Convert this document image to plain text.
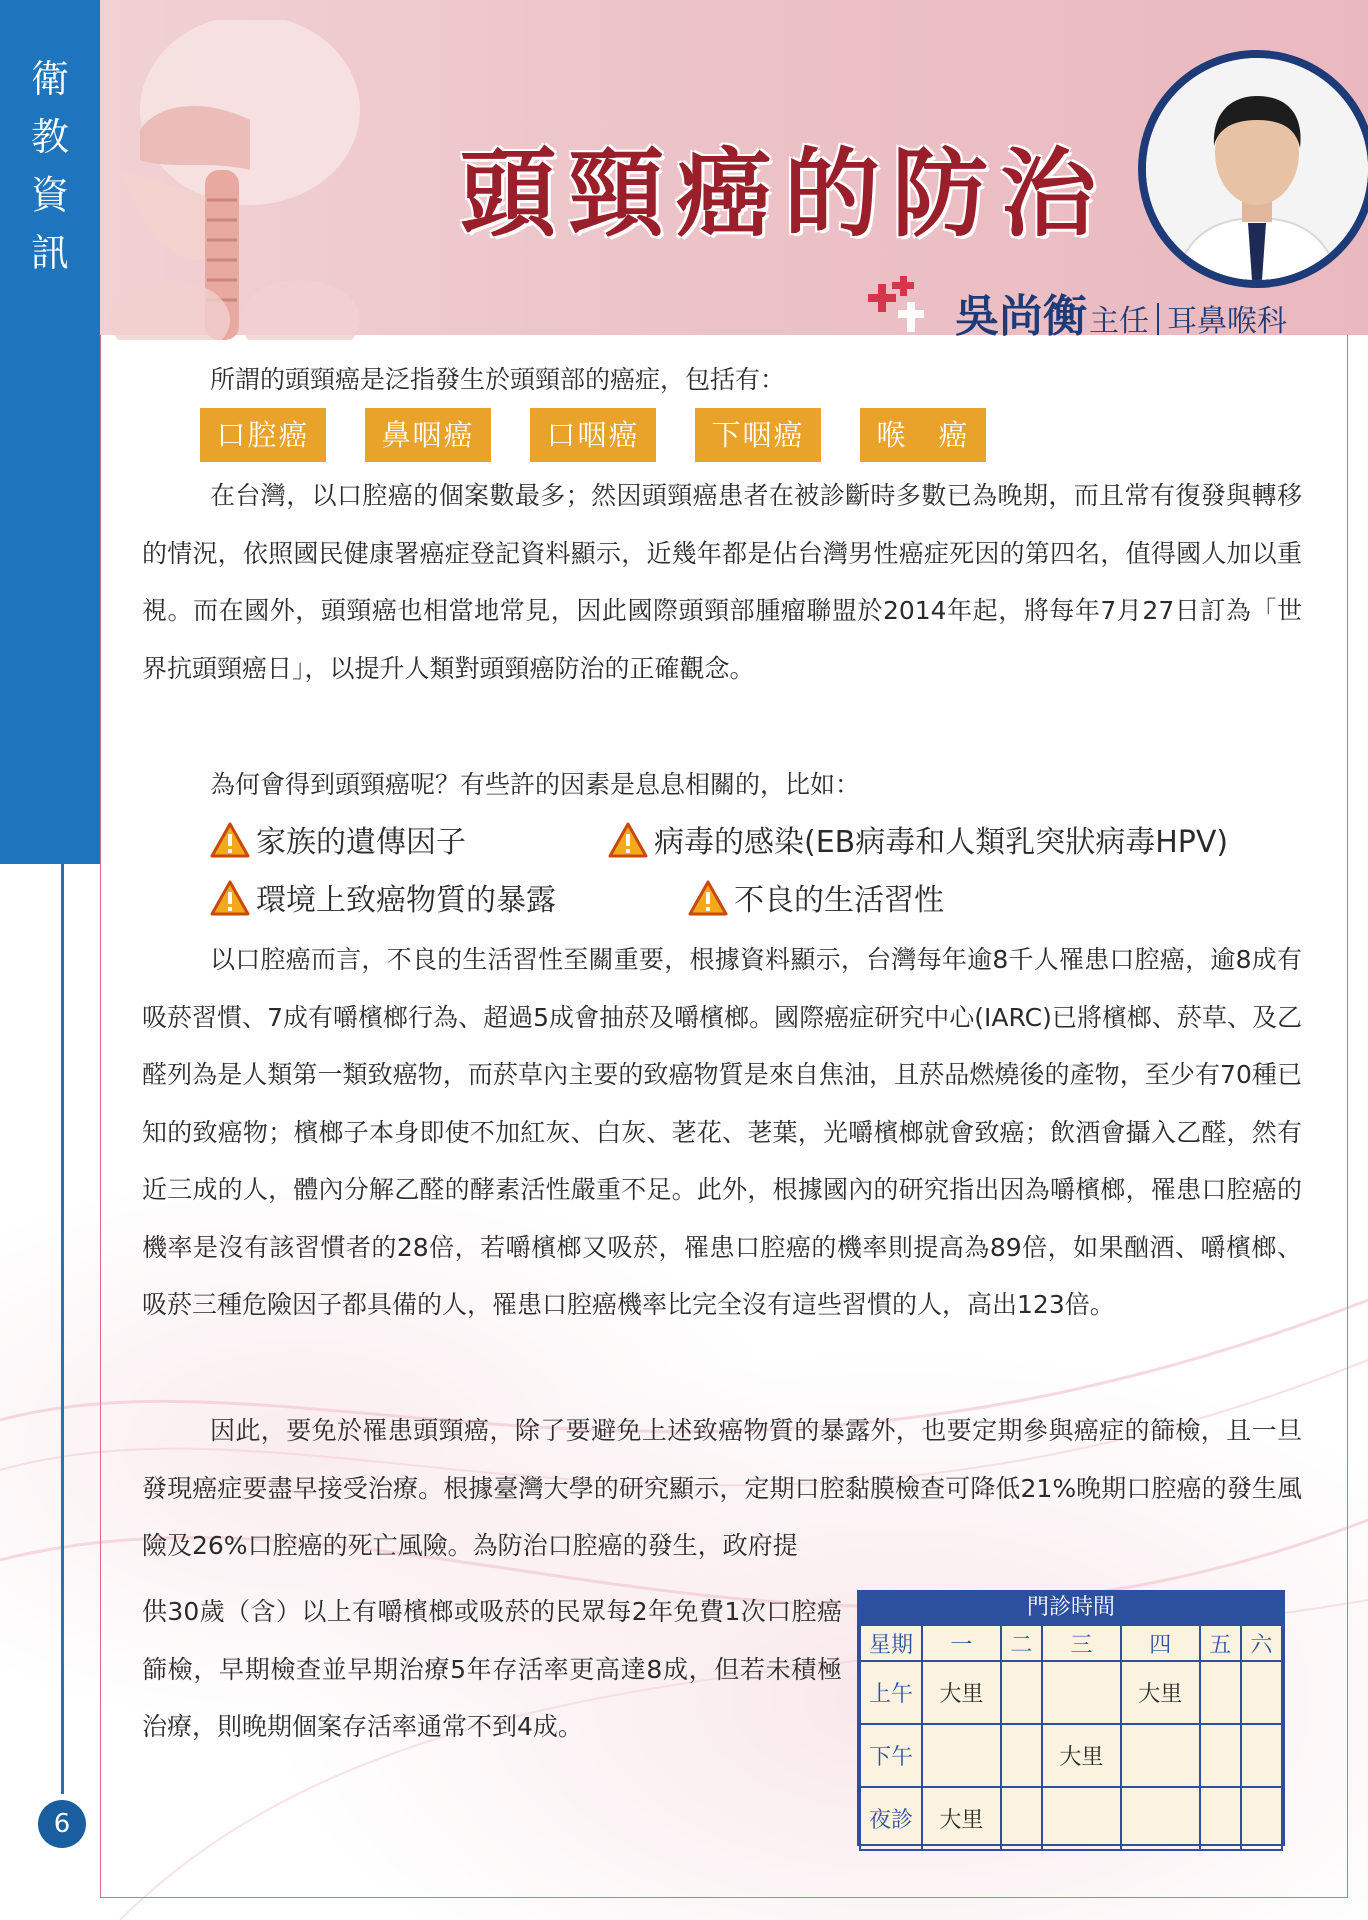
頭頸癌的防治
吳尚衡主任 耳鼻喉科
衛
教
資
訊
6
所謂的頭頸癌是泛指發生於頭頸部的癌症，包括有：
口腔癌	鼻咽癌	口咽癌	下咽癌	喉　癌
在台灣，以口腔癌的個案數最多；然因頭頸癌患者在被診斷時多數已為晚期，而且常有復發與轉移的情況，依照國民健康署癌症登記資料顯示，近幾年都是佔台灣男性癌症死因的第四名，值得國人加以重視。而在國外，頭頸癌也相當地常見，因此國際頭頸部腫瘤聯盟於2014年起，將每年7月27日訂為「世界抗頭頸癌日」，以提升人類對頭頸癌防治的正確觀念。
為何會得到頭頸癌呢？有些許的因素是息息相關的，比如：
家族的遺傳因子	病毒的感染(EB病毒和人類乳突狀病毒HPV)
環境上致癌物質的暴露	不良的生活習性
以口腔癌而言，不良的生活習性至關重要，根據資料顯示，台灣每年逾8千人罹患口腔癌，逾8成有吸菸習慣、7成有嚼檳榔行為、超過5成會抽菸及嚼檳榔。國際癌症研究中心(IARC)已將檳榔、菸草、及乙醛列為是人類第一類致癌物，而菸草內主要的致癌物質是來自焦油，且菸品燃燒後的產物，至少有70種已知的致癌物；檳榔子本身即使不加紅灰、白灰、荖花、荖葉，光嚼檳榔就會致癌；飲酒會攝入乙醛，然有近三成的人，體內分解乙醛的酵素活性嚴重不足。此外，根據國內的研究指出因為嚼檳榔，罹患口腔癌的機率是沒有該習慣者的28倍，若嚼檳榔又吸菸，罹患口腔癌的機率則提高為89倍，如果酗酒、嚼檳榔、吸菸三種危險因子都具備的人，罹患口腔癌機率比完全沒有這些習慣的人，高出123倍。
因此，要免於罹患頭頸癌，除了要避免上述致癌物質的暴露外，也要定期參與癌症的篩檢，且一旦發現癌症要盡早接受治療。根據臺灣大學的研究顯示，定期口腔黏膜檢查可降低21%晚期口腔癌的發生風險及26%口腔癌的死亡風險。為防治口腔癌的發生，政府提
供30歲（含）以上有嚼檳榔或吸菸的民眾每2年免費1次口腔癌篩檢，早期檢查並早期治療5年存活率更高達8成，但若未積極治療，則晚期個案存活率通常不到4成。
門診時間
星期	一	二	三	四	五	六
上午	大里			大里		
下午			大里			
夜診	大里					
